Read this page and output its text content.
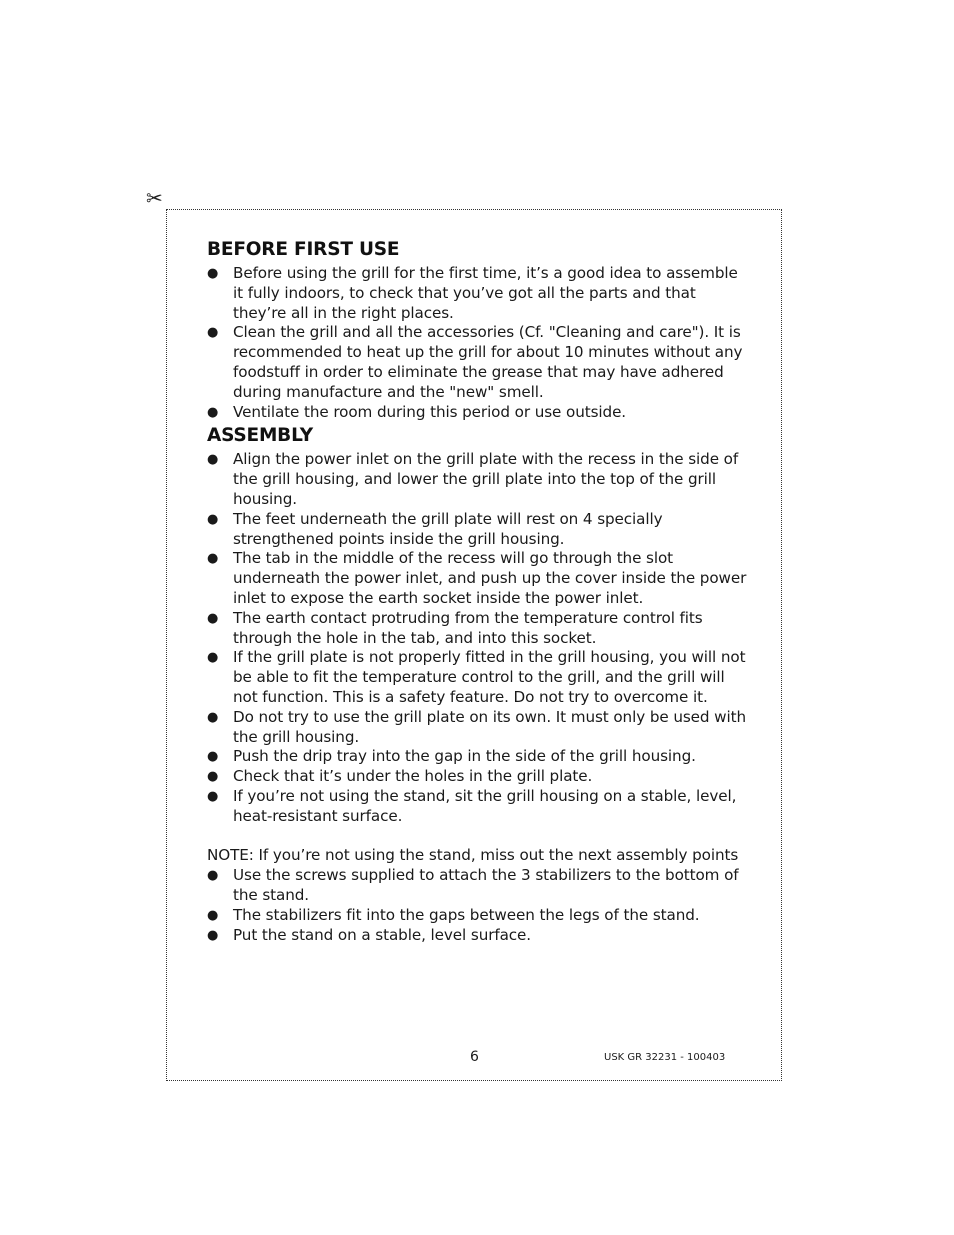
✂
BEFORE FIRST USE
● Before using the grill for the first time, it’s a good idea to assemble it fully indoors, to check that you’ve got all the parts and that they’re all in the right places.
● Clean the grill and all the accessories (Cf. "Cleaning and care"). It is recommended to heat up the grill for about 10 minutes without any foodstuff in order to eliminate the grease that may have adhered during manufacture and the "new" smell.
● Ventilate the room during this period or use outside.
ASSEMBLY
● Align the power inlet on the grill plate with the recess in the side of the grill housing, and lower the grill plate into the top of the grill housing.
● The feet underneath the grill plate will rest on 4 specially strengthened points inside the grill housing.
● The tab in the middle of the recess will go through the slot underneath the power inlet, and push up the cover inside the power inlet to expose the earth socket inside the power inlet.
● The earth contact protruding from the temperature control fits through the hole in the tab, and into this socket.
● If the grill plate is not properly fitted in the grill housing, you will not be able to fit the temperature control to the grill, and the grill will not function. This is a safety feature. Do not try to overcome it.
● Do not try to use the grill plate on its own. It must only be used with the grill housing.
● Push the drip tray into the gap in the side of the grill housing.
● Check that it’s under the holes in the grill plate.
● If you’re not using the stand, sit the grill housing on a stable, level, heat-resistant surface.

NOTE: If you’re not using the stand, miss out the next assembly points

● Use the screws supplied to attach the 3 stabilizers to the bottom of the stand.
● The stabilizers fit into the gaps between the legs of the stand.
● Put the stand on a stable, level surface.
6	USK GR 32231 - 100403
